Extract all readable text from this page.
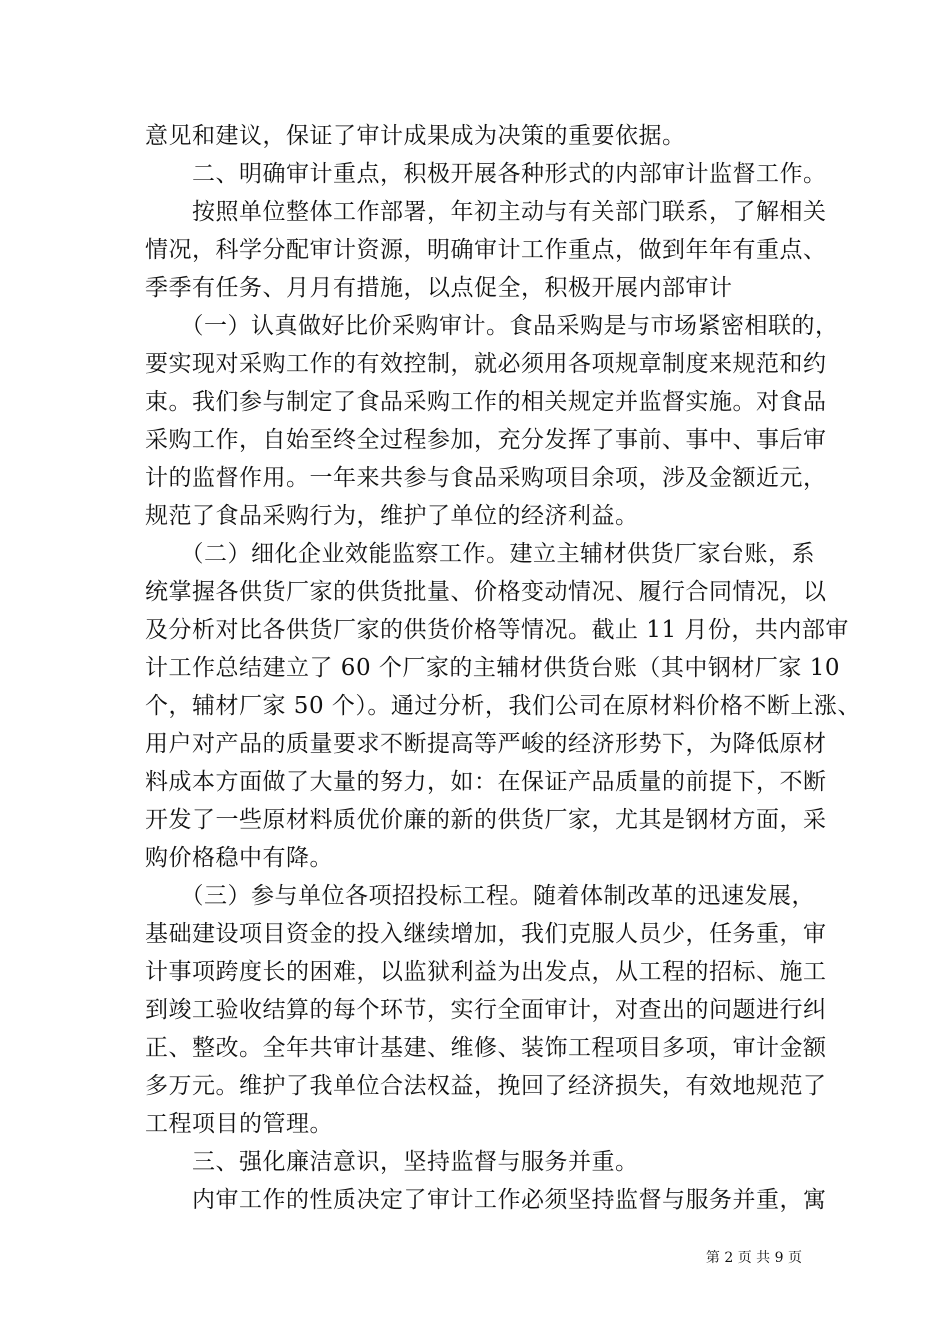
意见和建议，保证了审计成果成为决策的重要依据。
　　二、明确审计重点，积极开展各种形式的内部审计监督工作。
　　按照单位整体工作部署，年初主动与有关部门联系，了解相关
情况，科学分配审计资源，明确审计工作重点，做到年年有重点、
季季有任务、月月有措施，以点促全，积极开展内部审计
　　（一）认真做好比价采购审计。食品采购是与市场紧密相联的，
要实现对采购工作的有效控制，就必须用各项规章制度来规范和约
束。我们参与制定了食品采购工作的相关规定并监督实施。对食品
采购工作，自始至终全过程参加，充分发挥了事前、事中、事后审
计的监督作用。一年来共参与食品采购项目余项，涉及金额近元，
规范了食品采购行为，维护了单位的经济利益。
　　（二）细化企业效能监察工作。建立主辅材供货厂家台账，系
统掌握各供货厂家的供货批量、价格变动情况、履行合同情况，以
及分析对比各供货厂家的供货价格等情况。截止 11 月份，共内部审
计工作总结建立了 60 个厂家的主辅材供货台账（其中钢材厂家 10
个，辅材厂家 50 个）。通过分析，我们公司在原材料价格不断上涨、
用户对产品的质量要求不断提高等严峻的经济形势下，为降低原材
料成本方面做了大量的努力，如：在保证产品质量的前提下，不断
开发了一些原材料质优价廉的新的供货厂家，尤其是钢材方面，采
购价格稳中有降。
　　（三）参与单位各项招投标工程。随着体制改革的迅速发展，
基础建设项目资金的投入继续增加，我们克服人员少，任务重，审
计事项跨度长的困难，以监狱利益为出发点，从工程的招标、施工
到竣工验收结算的每个环节，实行全面审计，对查出的问题进行纠
正、整改。全年共审计基建、维修、装饰工程项目多项，审计金额
多万元。维护了我单位合法权益，挽回了经济损失，有效地规范了
工程项目的管理。
　　三、强化廉洁意识，坚持监督与服务并重。
　　内审工作的性质决定了审计工作必须坚持监督与服务并重，寓
第 2 页 共 9 页
